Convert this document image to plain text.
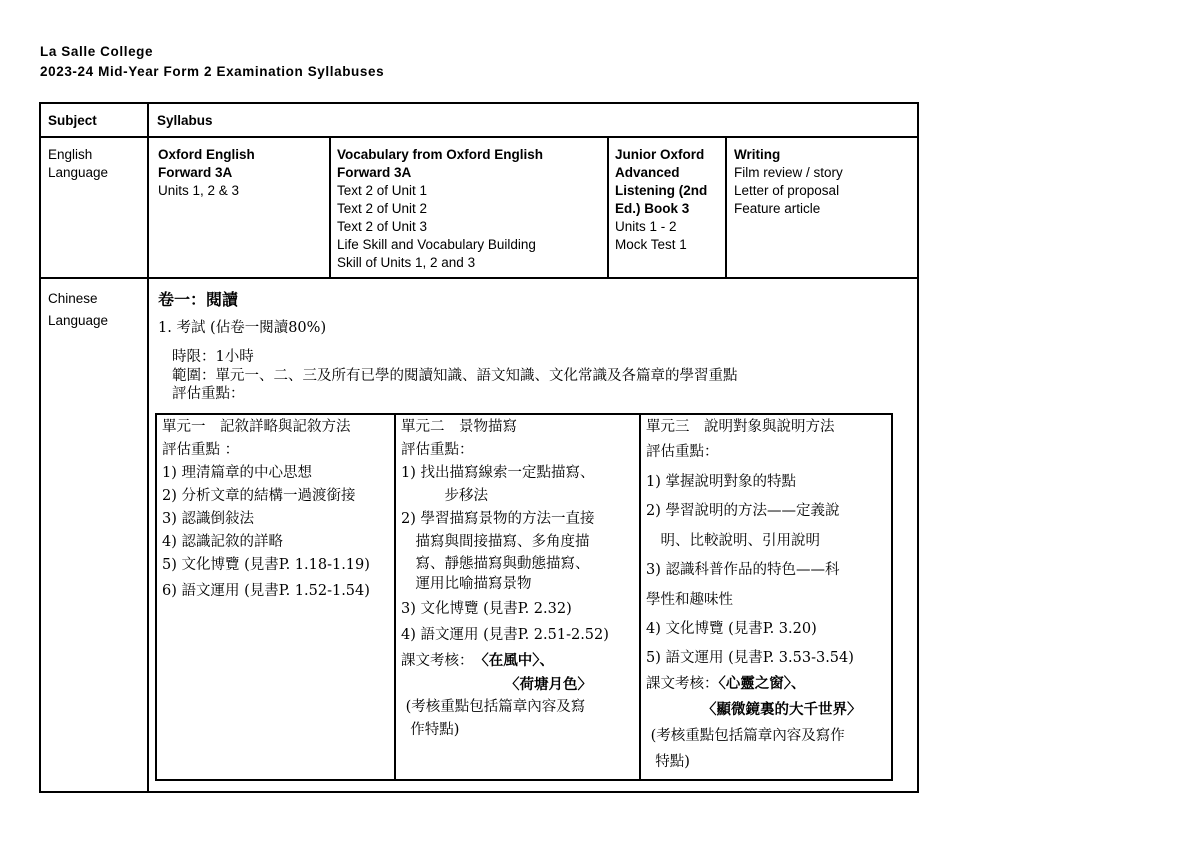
La Salle College
2023-24 Mid-Year Form 2 Examination Syllabuses
Subject	Syllabus
English
Language
Oxford English
Forward 3A
Units 1, 2 & 3
Vocabulary from Oxford English
Forward 3A
Text 2 of Unit 1
Text 2 of Unit 2
Text 2 of Unit 3
Life Skill and Vocabulary Building
Skill of Units 1, 2 and 3
Junior Oxford
Advanced
Listening (2nd
Ed.) Book 3
Units 1 - 2
Mock Test 1
Writing
Film review / story
Letter of proposal
Feature article
Chinese
Language
卷一：閱讀
1. 考試 (佔卷一閱讀80%)
時限：1小時
範圍：單元一、二、三及所有已學的閱讀知識、語文知識、文化常識及各篇章的學習重點
評估重點：
單元一　記敘詳略與記敘方法
評估重點 ：
1) 理清篇章的中心思想
2) 分析文章的結構一過渡銜接
3) 認識倒敍法
4) 認識記敘的詳略
5) 文化博覽 (見書P. 1.18-1.19)
6) 語文運用 (見書P. 1.52-1.54)
單元二　景物描寫
評估重點：
1) 找出描寫線索一定點描寫、
　　　步移法
2) 學習描寫景物的方法一直接
　描寫與間接描寫、多角度描
　寫、靜態描寫與動態描寫、
　運用比喻描寫景物
3) 文化博覽 (見書P. 2.32)
4) 語文運用 (見書P. 2.51-2.52)
課文考核： 〈在風中〉、
〈荷塘月色〉
(考核重點包括篇章內容及寫
作特點)
單元三　說明對象與說明方法
評估重點：
1) 掌握說明對象的特點
2) 學習說明的方法——定義說
　明、比較說明、引用說明
3) 認識科普作品的特色——科
學性和趣味性
4) 文化博覽 (見書P. 3.20)
5) 語文運用 (見書P. 3.53-3.54)
課文考核：〈心靈之窗〉、
〈顯微鏡裏的大千世界〉
(考核重點包括篇章內容及寫作
特點)
